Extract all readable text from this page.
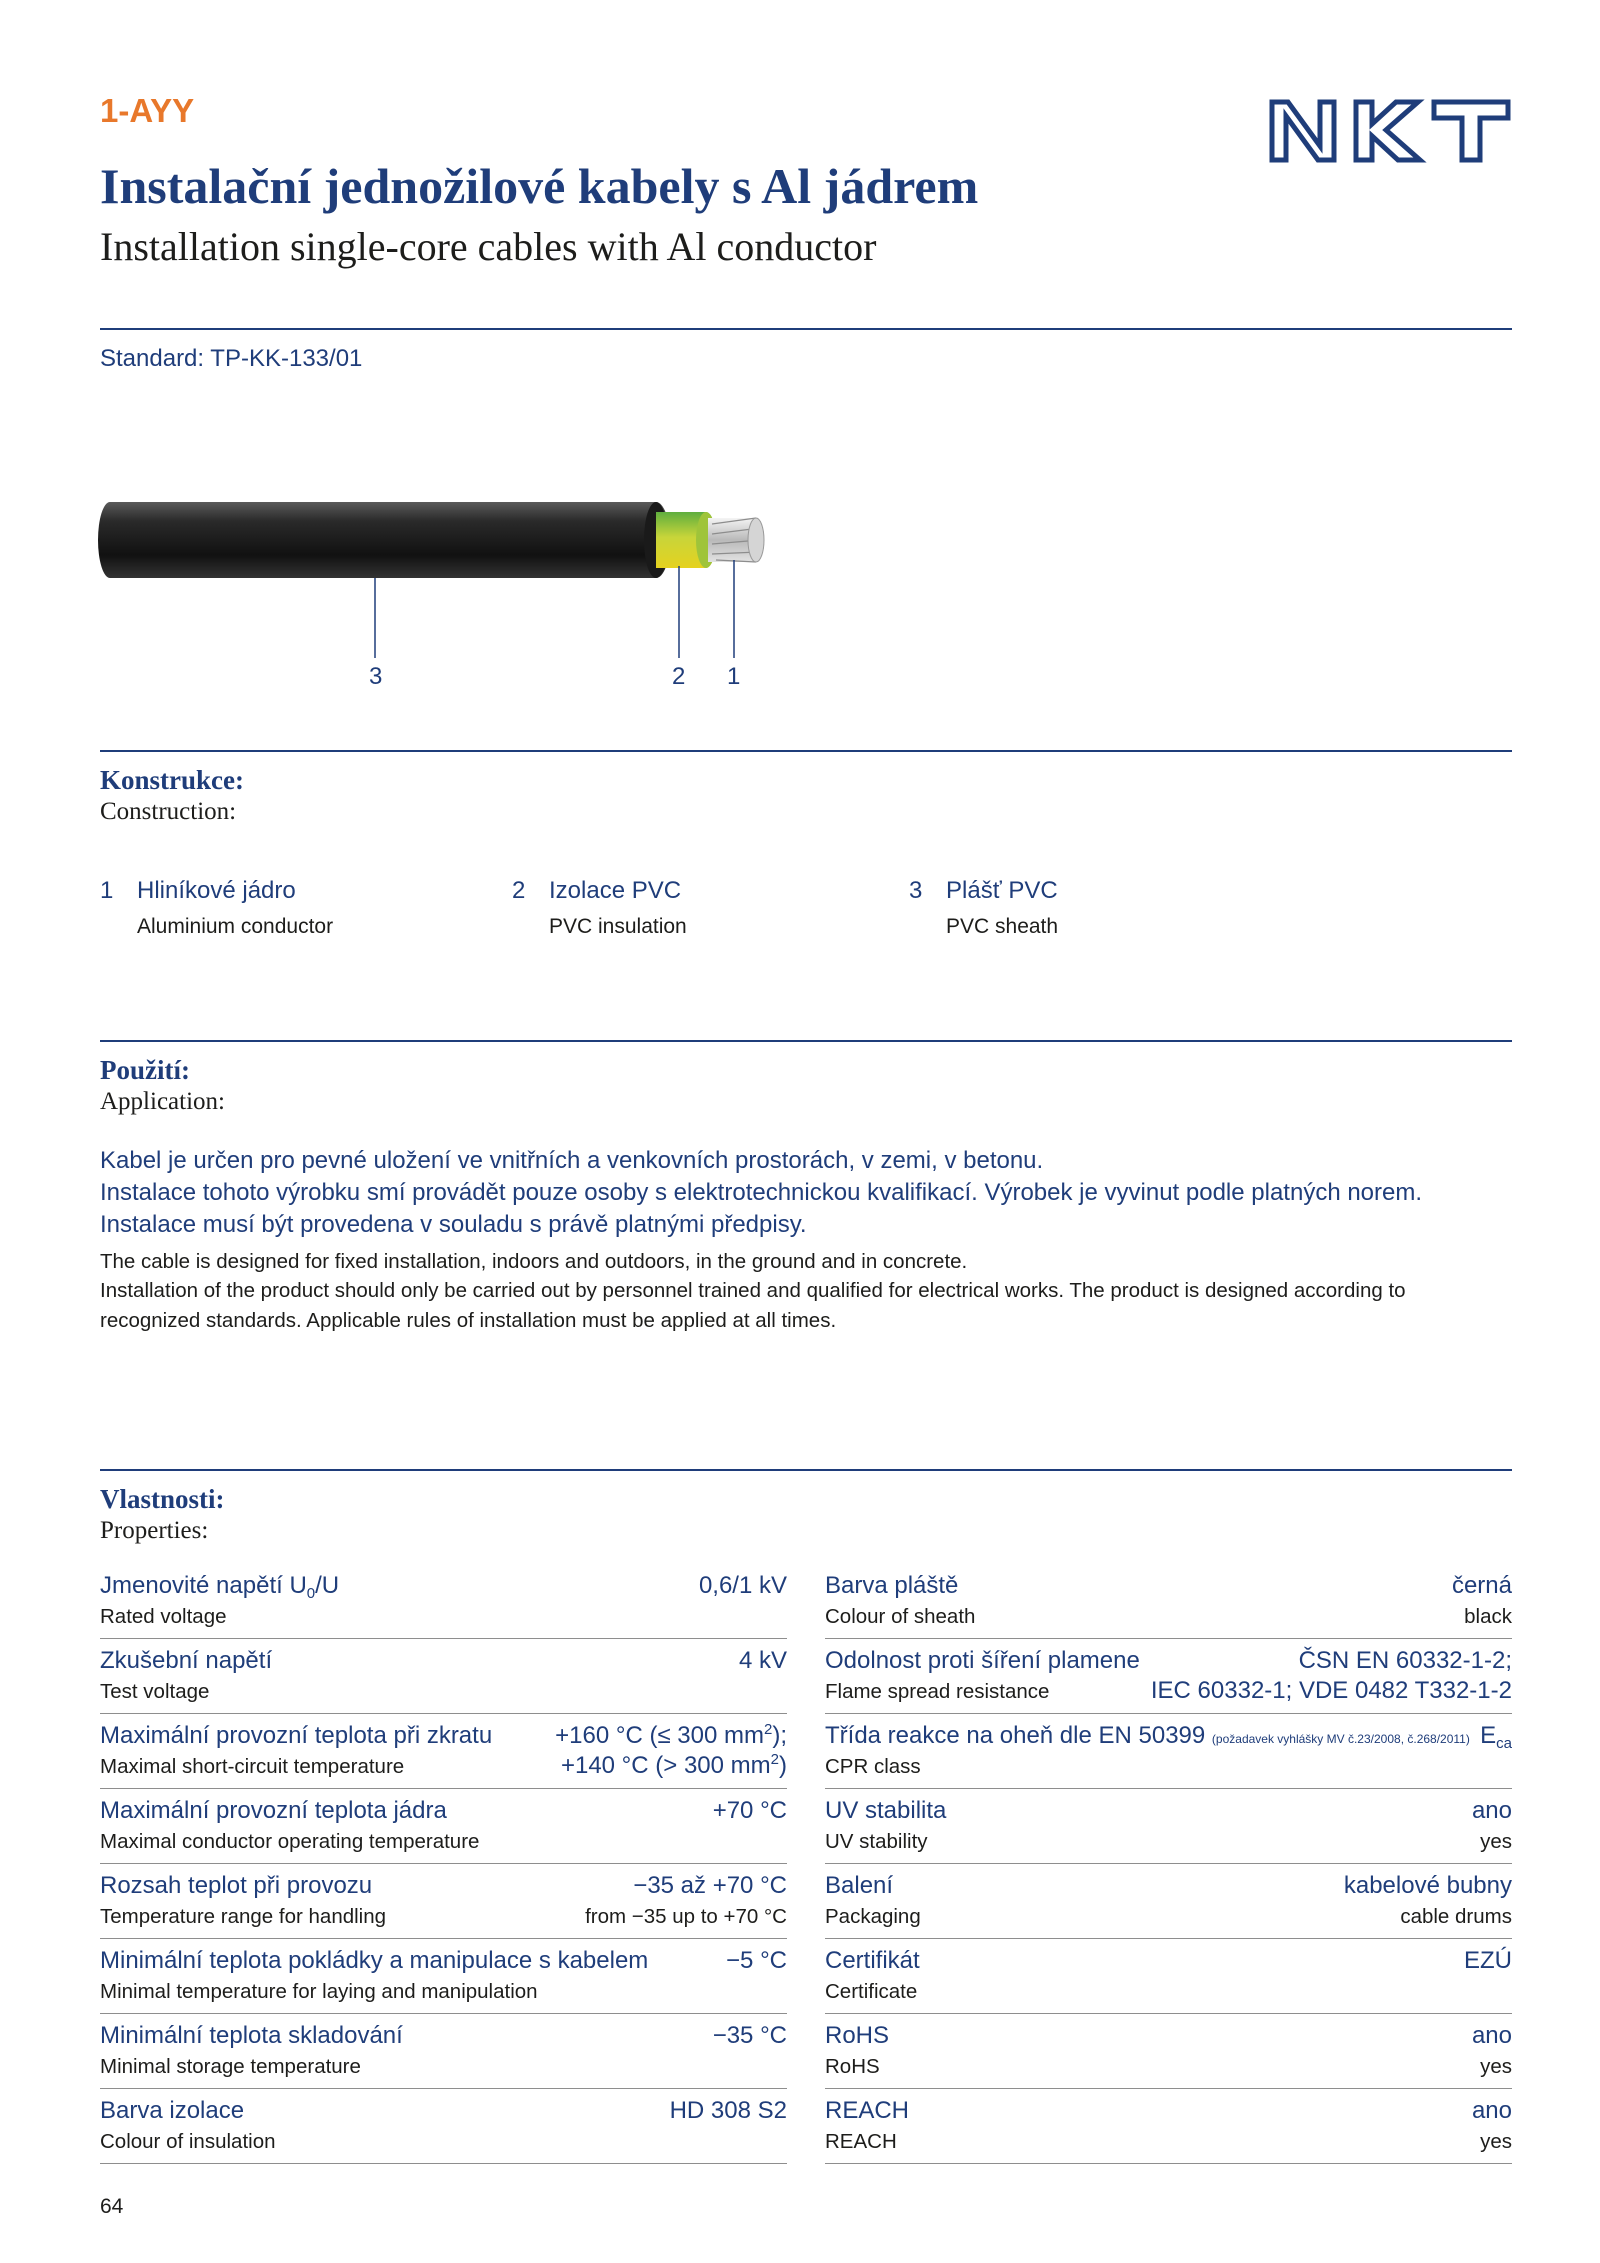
1-AYY
Instalační jednožilové kabely s Al jádrem
Installation single-core cables with Al conductor
Standard: TP-KK-133/01
3	2 1
Konstrukce:
Construction:
1 Hliníkové jádro
Aluminium conductor
2 Izolace PVC
PVC insulation
3 Plášť PVC
PVC sheath
Použití:
Application:
Kabel je určen pro pevné uložení ve vnitřních a venkovních prostorách, v zemi, v betonu.
Instalace tohoto výrobku smí provádět pouze osoby s elektrotechnickou kvalifikací. Výrobek je vyvinut podle platných norem.
Instalace musí být provedena v souladu s právě platnými předpisy.
The cable is designed for fixed installation, indoors and outdoors, in the ground and in concrete.
Installation of the product should only be carried out by personnel trained and qualified for electrical works. The product is designed according to
recognized standards. Applicable rules of installation must be applied at all times.
Vlastnosti:
Properties:
Jmenovité napětí $U_0/U$
Rated voltage
0,6/1 kV
Zkušební napětí
Test voltage
4 kV
Maximální provozní teplota při zkratu
Maximal short-circuit temperature
+160 °C (≤ 300 $mm^2$);
+140 °C (> 300 $mm^2$)
Maximální provozní teplota jádra
Maximal conductor operating temperature
+70 °C
Rozsah teplot při provozu
Temperature range for handling
−35 až +70 °C
from −35 up to +70 °C
Minimální teplota pokládky a manipulace s kabelem
Minimal temperature for laying and manipulation
−5 °C
Minimální teplota skladování
Minimal storage temperature
−35 °C
Barva izolace
Colour of insulation
HD 308 S2
Barva pláště
Colour of sheath
černá
black
Odolnost proti šíření plamene
Flame spread resistance
ČSN EN 60332-1-2;
IEC 60332-1; VDE 0482 T332-1-2
Třída reakce na oheň dle EN 50399 (požadavek vyhlášky MV č.23/2008, č.268/2011)
CPR class
$E_{ca}$
UV stabilita
UV stability
ano
yes
Balení
Packaging
kabelové bubny
cable drums
Certifikát
Certificate
EZÚ
RoHS
RoHS
ano
yes
REACH
REACH
ano
yes
64
